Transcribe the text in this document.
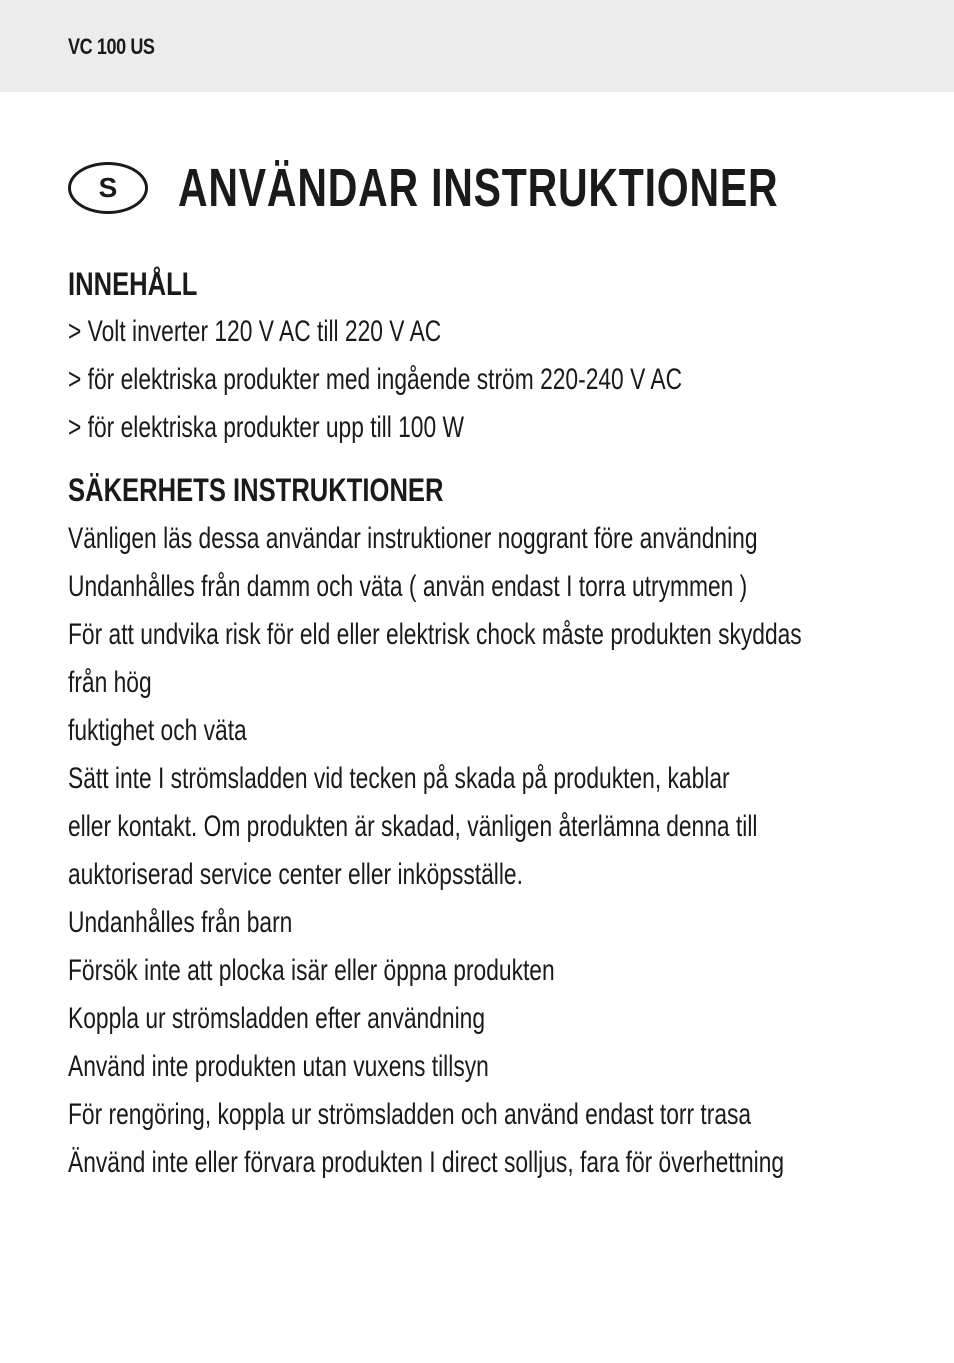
VC 100 US
S	ANVÄNDAR INSTRUKTIONER
INNEHÅLL
> Volt inverter 120 V AC till 220 V AC
> för elektriska produkter med ingående ström 220-240 V AC
> för elektriska produkter upp till 100 W
SÄKERHETS INSTRUKTIONER
Vänligen läs dessa användar instruktioner noggrant före användning
Undanhålles från damm och väta ( använ endast I torra utrymmen )
För att undvika risk för eld eller elektrisk chock måste produkten skyddas
från hög
fuktighet och väta
Sätt inte I strömsladden vid tecken på skada på produkten, kablar
eller kontakt. Om produkten är skadad, vänligen återlämna denna till
auktoriserad service center eller inköpsställe.
Undanhålles från barn
Försök inte att plocka isär eller öppna produkten
Koppla ur strömsladden efter användning
Använd inte produkten utan vuxens tillsyn
För rengöring, koppla ur strömsladden och använd endast torr trasa
Änvänd inte eller förvara produkten I direct solljus, fara för överhettning
